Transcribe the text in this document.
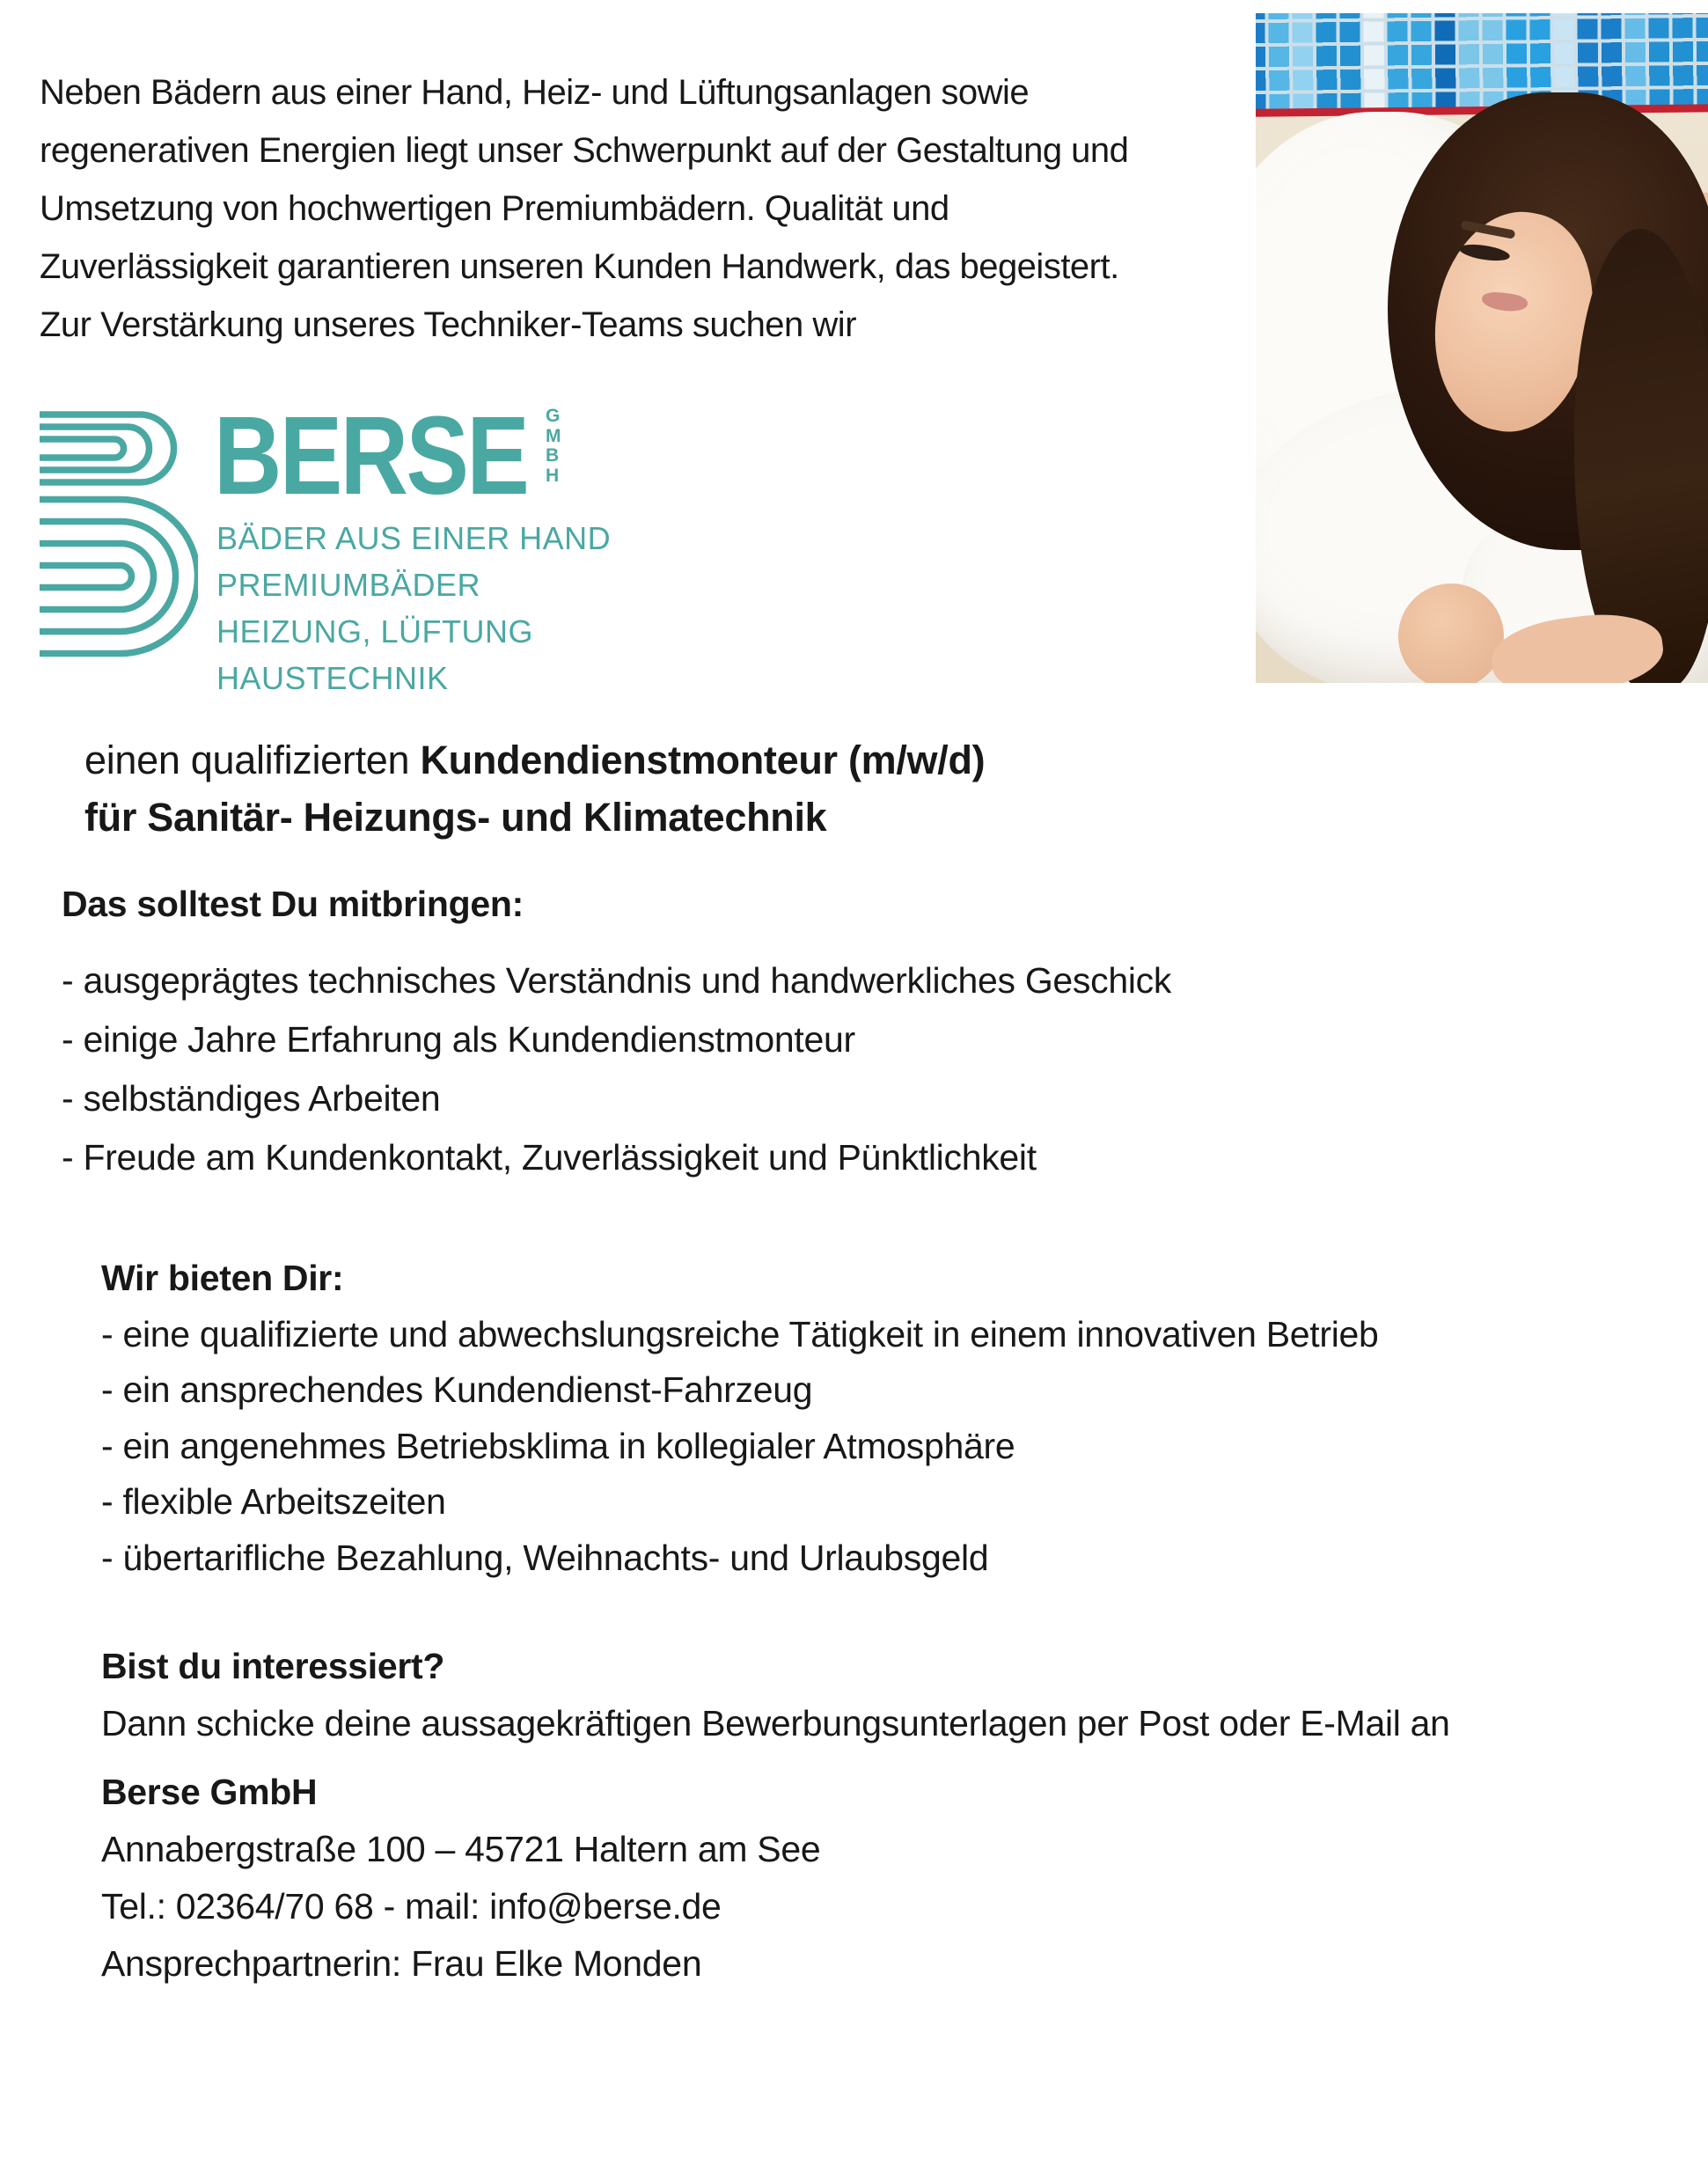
Neben Bädern aus einer Hand, Heiz- und Lüftungsanlagen sowie
regenerativen Energien liegt unser Schwerpunkt auf der Gestaltung und
Umsetzung von hochwertigen Premiumbädern. Qualität und
Zuverlässigkeit garantieren unseren Kunden Handwerk, das begeistert.
Zur Verstärkung unseres Techniker-Teams suchen wir
BERSE GMBH
BÄDER AUS EINER HAND
PREMIUMBÄDER
HEIZUNG, LÜFTUNG
HAUSTECHNIK
einen qualifizierten Kundendienstmonteur (m/w/d)
für Sanitär- Heizungs- und Klimatechnik
Das solltest Du mitbringen:
- ausgeprägtes technisches Verständnis und handwerkliches Geschick
- einige Jahre Erfahrung als Kundendienstmonteur
- selbständiges Arbeiten
- Freude am Kundenkontakt, Zuverlässigkeit und Pünktlichkeit
Wir bieten Dir:
- eine qualifizierte und abwechslungsreiche Tätigkeit in einem innovativen Betrieb
- ein ansprechendes Kundendienst-Fahrzeug
- ein angenehmes Betriebsklima in kollegialer Atmosphäre
- flexible Arbeitszeiten
- übertarifliche Bezahlung, Weihnachts- und Urlaubsgeld
Bist du interessiert?
Dann schicke deine aussagekräftigen Bewerbungsunterlagen per Post oder E-Mail an
Berse GmbH
Annabergstraße 100 – 45721 Haltern am See
Tel.: 02364/70 68 - mail: info@berse.de
Ansprechpartnerin: Frau Elke Monden
